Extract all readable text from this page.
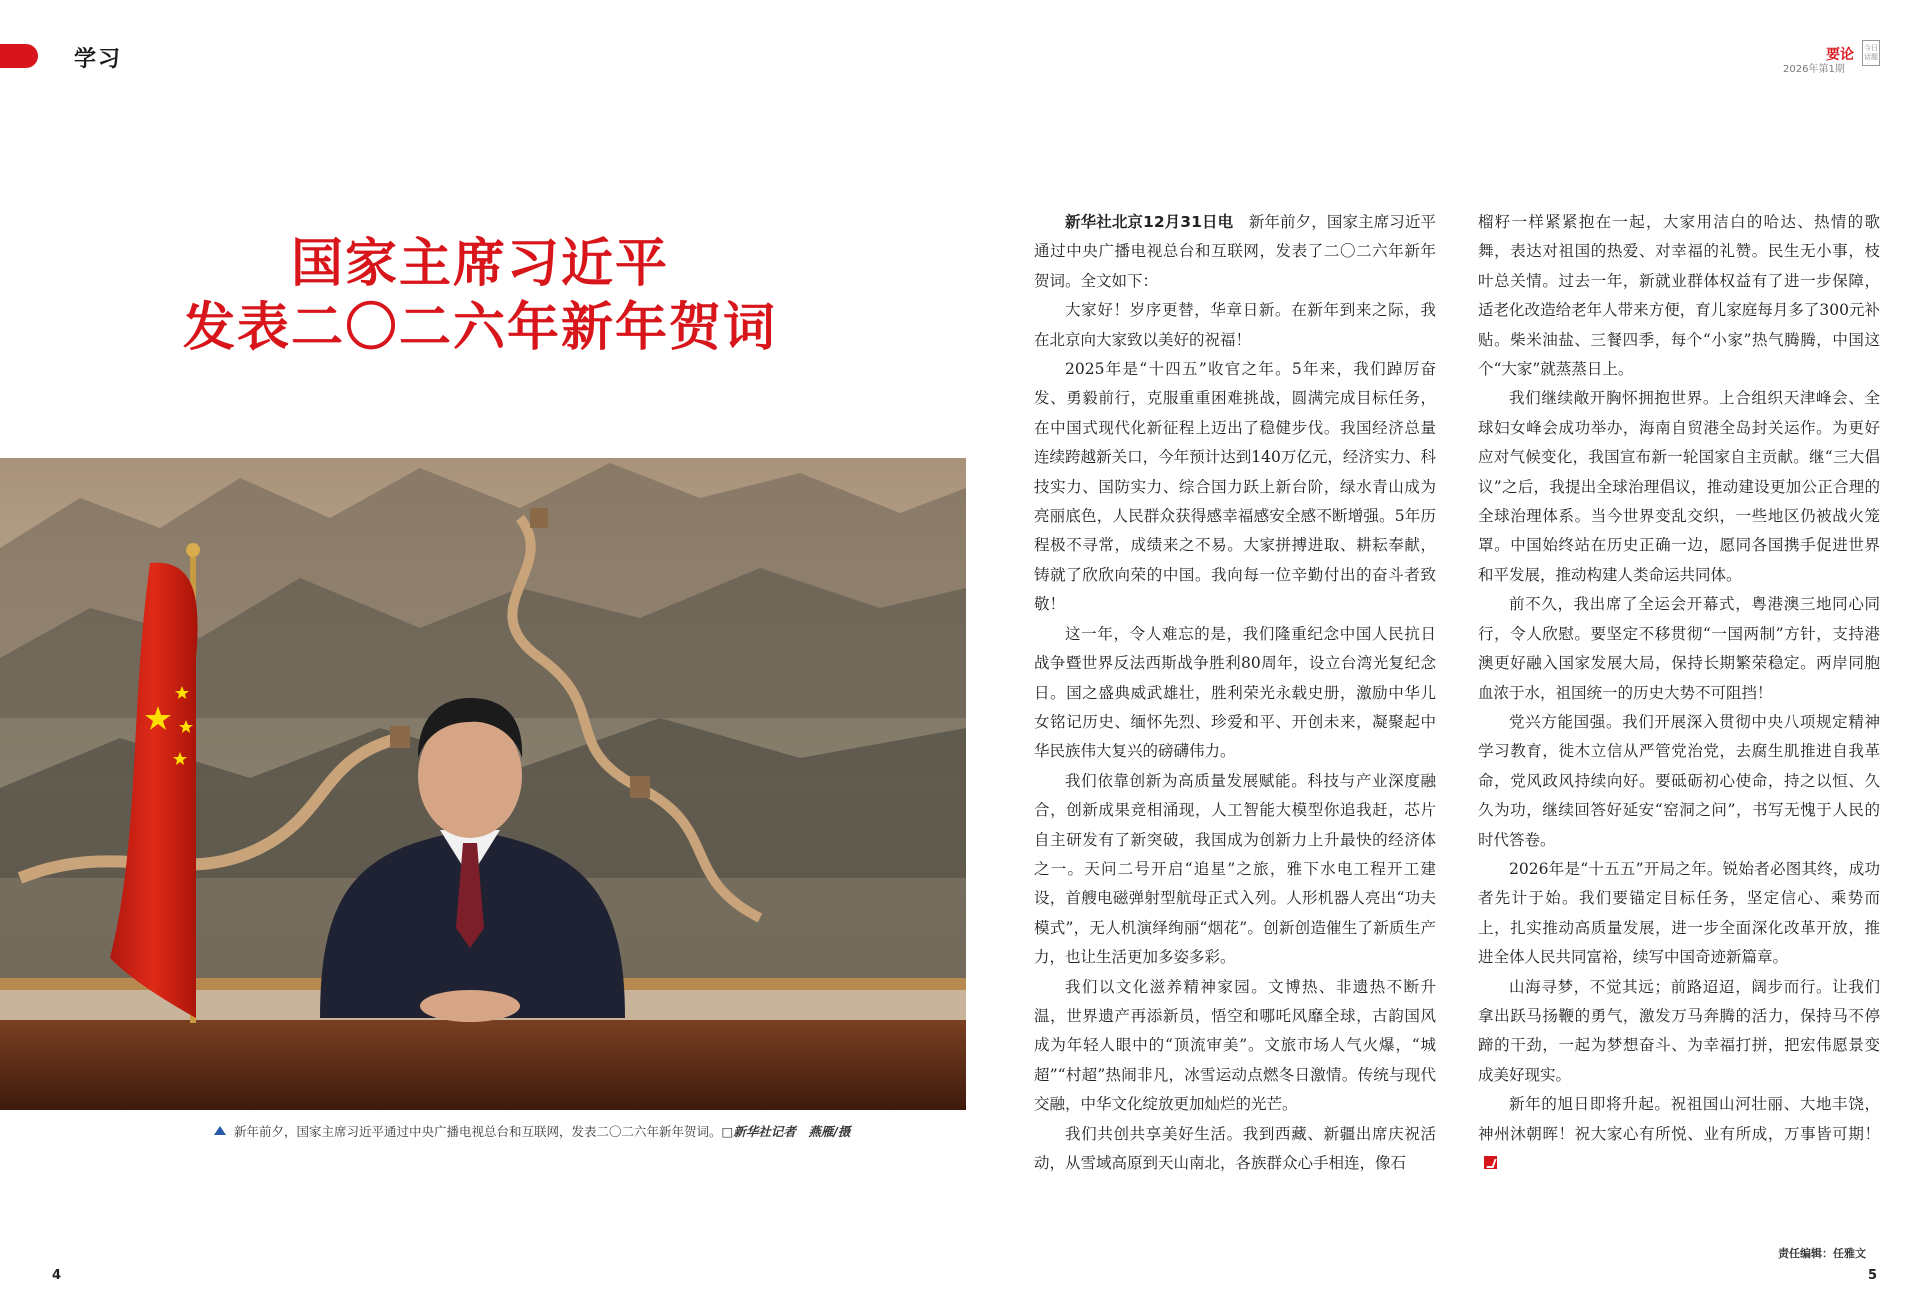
学习	要论
2026年第1期
今日 话题
国家主席习近平
发表二〇二六年新年贺词
新年前夕，国家主席习近平通过中央广播电视总台和互联网，发表二〇二六年新年贺词。□新华社记者　燕雁/摄

新华社北京12月31日电　 新年前夕，国家主席习近平通过中央广播电视总台和互联网，发表了二〇二六年新年贺词。全文如下：

大家好！岁序更替，华章日新。在新年到来之际，我在北京向大家致以美好的祝福！

2025年是“十四五”收官之年。5年来，我们踔厉奋发、勇毅前行，克服重重困难挑战，圆满完成目标任务，在中国式现代化新征程上迈出了稳健步伐。我国经济总量连续跨越新关口，今年预计达到140万亿元，经济实力、科技实力、国防实力、综合国力跃上新台阶，绿水青山成为亮丽底色，人民群众获得感幸福感安全感不断增强。5年历程极不寻常，成绩来之不易。大家拼搏进取、耕耘奉献，铸就了欣欣向荣的中国。我向每一位辛勤付出的奋斗者致敬！

这一年，令人难忘的是，我们隆重纪念中国人民抗日战争暨世界反法西斯战争胜利80周年，设立台湾光复纪念日。国之盛典威武雄壮，胜利荣光永载史册，激励中华儿女铭记历史、缅怀先烈、珍爱和平、开创未来，凝聚起中华民族伟大复兴的磅礴伟力。

我们依靠创新为高质量发展赋能。科技与产业深度融合，创新成果竞相涌现，人工智能大模型你追我赶，芯片自主研发有了新突破，我国成为创新力上升最快的经济体之一。天问二号开启“追星”之旅，雅下水电工程开工建设，首艘电磁弹射型航母正式入列。人形机器人亮出“功夫模式”，无人机演绎绚丽“烟花”。创新创造催生了新质生产力，也让生活更加多姿多彩。

我们以文化滋养精神家园。文博热、非遗热不断升温，世界遗产再添新员，悟空和哪吒风靡全球，古韵国风成为年轻人眼中的“顶流审美”。文旅市场人气火爆，“城超”“村超”热闹非凡，冰雪运动点燃冬日激情。传统与现代交融，中华文化绽放更加灿烂的光芒。

我们共创共享美好生活。我到西藏、新疆出席庆祝活动，从雪域高原到天山南北，各族群众心手相连，像石

榴籽一样紧紧抱在一起，大家用洁白的哈达、热情的歌舞，表达对祖国的热爱、对幸福的礼赞。民生无小事，枝叶总关情。过去一年，新就业群体权益有了进一步保障，适老化改造给老年人带来方便，育儿家庭每月多了300元补贴。柴米油盐、三餐四季，每个“小家”热气腾腾，中国这个“大家”就蒸蒸日上。

我们继续敞开胸怀拥抱世界。上合组织天津峰会、全球妇女峰会成功举办，海南自贸港全岛封关运作。为更好应对气候变化，我国宣布新一轮国家自主贡献。继“三大倡议”之后，我提出全球治理倡议，推动建设更加公正合理的全球治理体系。当今世界变乱交织，一些地区仍被战火笼罩。中国始终站在历史正确一边，愿同各国携手促进世界和平发展，推动构建人类命运共同体。

前不久，我出席了全运会开幕式，粤港澳三地同心同行，令人欣慰。要坚定不移贯彻“一国两制”方针，支持港澳更好融入国家发展大局，保持长期繁荣稳定。两岸同胞血浓于水，祖国统一的历史大势不可阻挡！

党兴方能国强。我们开展深入贯彻中央八项规定精神学习教育，徙木立信从严管党治党，去腐生肌推进自我革命，党风政风持续向好。要砥砺初心使命，持之以恒、久久为功，继续回答好延安“窑洞之问”，书写无愧于人民的时代答卷。

2026年是“十五五”开局之年。锐始者必图其终，成功者先计于始。我们要锚定目标任务，坚定信心、乘势而上，扎实推动高质量发展，进一步全面深化改革开放，推进全体人民共同富裕，续写中国奇迹新篇章。

山海寻梦，不觉其远；前路迢迢，阔步而行。让我们拿出跃马扬鞭的勇气，激发万马奔腾的活力，保持马不停蹄的干劲，一起为梦想奋斗、为幸福打拼，把宏伟愿景变成美好现实。

新年的旭日即将升起。祝祖国山河壮丽、大地丰饶，神州沐朝晖！祝大家心有所悦、业有所成，万事皆可期！

责任编辑：任雅文
4	5
